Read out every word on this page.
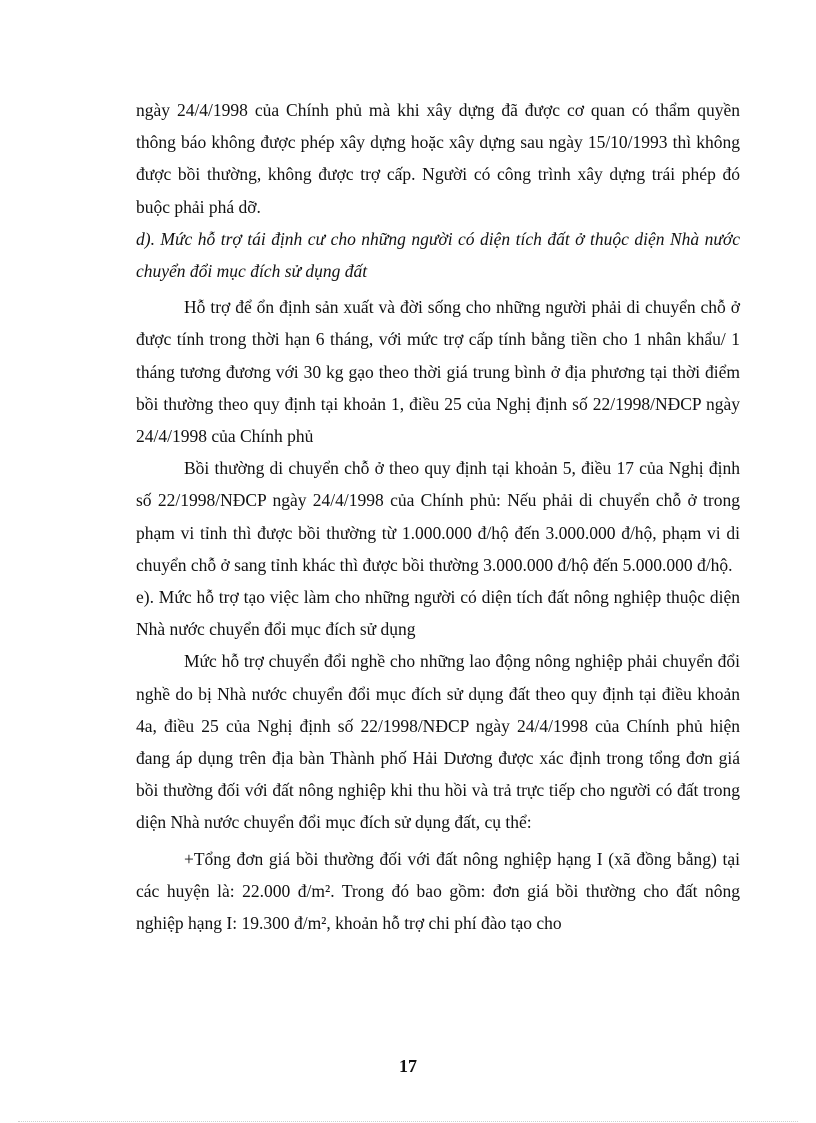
ngày 24/4/1998 của Chính phủ mà khi xây dựng đã được cơ quan có thẩm quyền thông báo không được phép xây dựng hoặc xây dựng sau ngày 15/10/1993 thì không được bồi thường, không được trợ cấp. Người có công trình xây dựng trái phép đó buộc phải phá dỡ.

d). Mức hỗ trợ tái định cư cho những người có diện tích đất ở thuộc diện Nhà nước chuyển đổi mục đích sử dụng đất

Hỗ trợ để ổn định sản xuất và đời sống cho những người phải di chuyển chỗ ở được tính trong thời hạn 6 tháng, với mức trợ cấp tính bằng tiền cho 1 nhân khẩu/ 1 tháng tương đương với 30 kg gạo theo thời giá trung bình ở địa phương tại thời điểm bồi thường theo quy định tại khoản 1, điều 25 của Nghị định số 22/1998/NĐCP ngày 24/4/1998 của Chính phủ

Bồi thường di chuyển chỗ ở theo quy định tại khoản 5, điều 17 của Nghị định số 22/1998/NĐCP ngày 24/4/1998 của Chính phủ: Nếu phải di chuyển chỗ ở trong phạm vi tỉnh thì được bồi thường từ 1.000.000 đ/hộ đến 3.000.000 đ/hộ, phạm vi di chuyển chỗ ở sang tỉnh khác thì được bồi thường 3.000.000 đ/hộ đến 5.000.000 đ/hộ.

e). Mức hỗ trợ tạo việc làm cho những người có diện tích đất nông nghiệp thuộc diện Nhà nước chuyển đổi mục đích sử dụng

Mức hỗ trợ chuyển đổi nghề cho những lao động nông nghiệp phải chuyển đổi nghề do bị Nhà nước chuyển đổi mục đích sử dụng đất theo quy định tại điều khoản 4a, điều 25 của Nghị định số 22/1998/NĐCP ngày 24/4/1998 của Chính phủ hiện đang áp dụng trên địa bàn Thành phố Hải Dương được xác định trong tổng đơn giá bồi thường đối với đất nông nghiệp khi thu hồi và trả trực tiếp cho người có đất trong diện Nhà nước chuyển đổi mục đích sử dụng đất, cụ thể:

+Tổng đơn giá bồi thường đối với đất nông nghiệp hạng I (xã đồng bằng) tại các huyện là: 22.000 đ/m². Trong đó bao gồm: đơn giá bồi thường cho đất nông nghiệp hạng I: 19.300 đ/m², khoản hỗ trợ chi phí đào tạo cho

17
